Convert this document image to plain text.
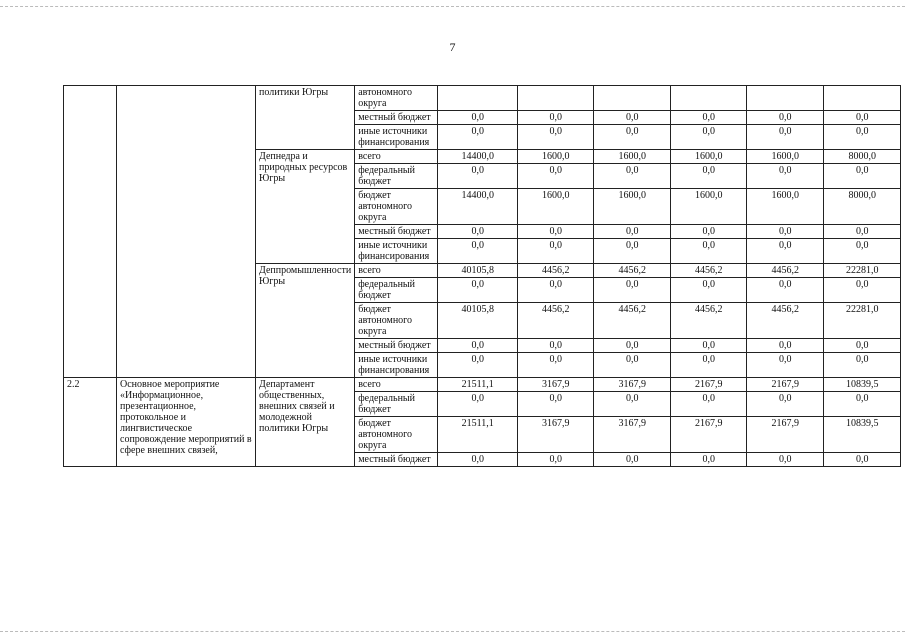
7
		политики Югры	автономного округа						
			местный бюджет	0,0	0,0	0,0	0,0	0,0	0,0
			иные источники финансирования	0,0	0,0	0,0	0,0	0,0	0,0
		Депнедра и природных ресурсов Югры	всего	14400,0	1600,0	1600,0	1600,0	1600,0	8000,0
			федеральный бюджет	0,0	0,0	0,0	0,0	0,0	0,0
			бюджет автономного округа	14400,0	1600,0	1600,0	1600,0	1600,0	8000,0
			местный бюджет	0,0	0,0	0,0	0,0	0,0	0,0
			иные источники финансирования	0,0	0,0	0,0	0,0	0,0	0,0
		Деппромышленности Югры	всего	40105,8	4456,2	4456,2	4456,2	4456,2	22281,0
			федеральный бюджет	0,0	0,0	0,0	0,0	0,0	0,0
			бюджет автономного округа	40105,8	4456,2	4456,2	4456,2	4456,2	22281,0
			местный бюджет	0,0	0,0	0,0	0,0	0,0	0,0
			иные источники финансирования	0,0	0,0	0,0	0,0	0,0	0,0
2.2	Основное мероприятие «Информационное, презентационное, протокольное и лингвистическое сопровождение мероприятий в сфере внешних связей,	Департамент общественных, внешних связей и молодежной политики Югры	всего	21511,1	3167,9	3167,9	2167,9	2167,9	10839,5
			федеральный бюджет	0,0	0,0	0,0	0,0	0,0	0,0
			бюджет автономного округа	21511,1	3167,9	3167,9	2167,9	2167,9	10839,5
			местный бюджет	0,0	0,0	0,0	0,0	0,0	0,0
